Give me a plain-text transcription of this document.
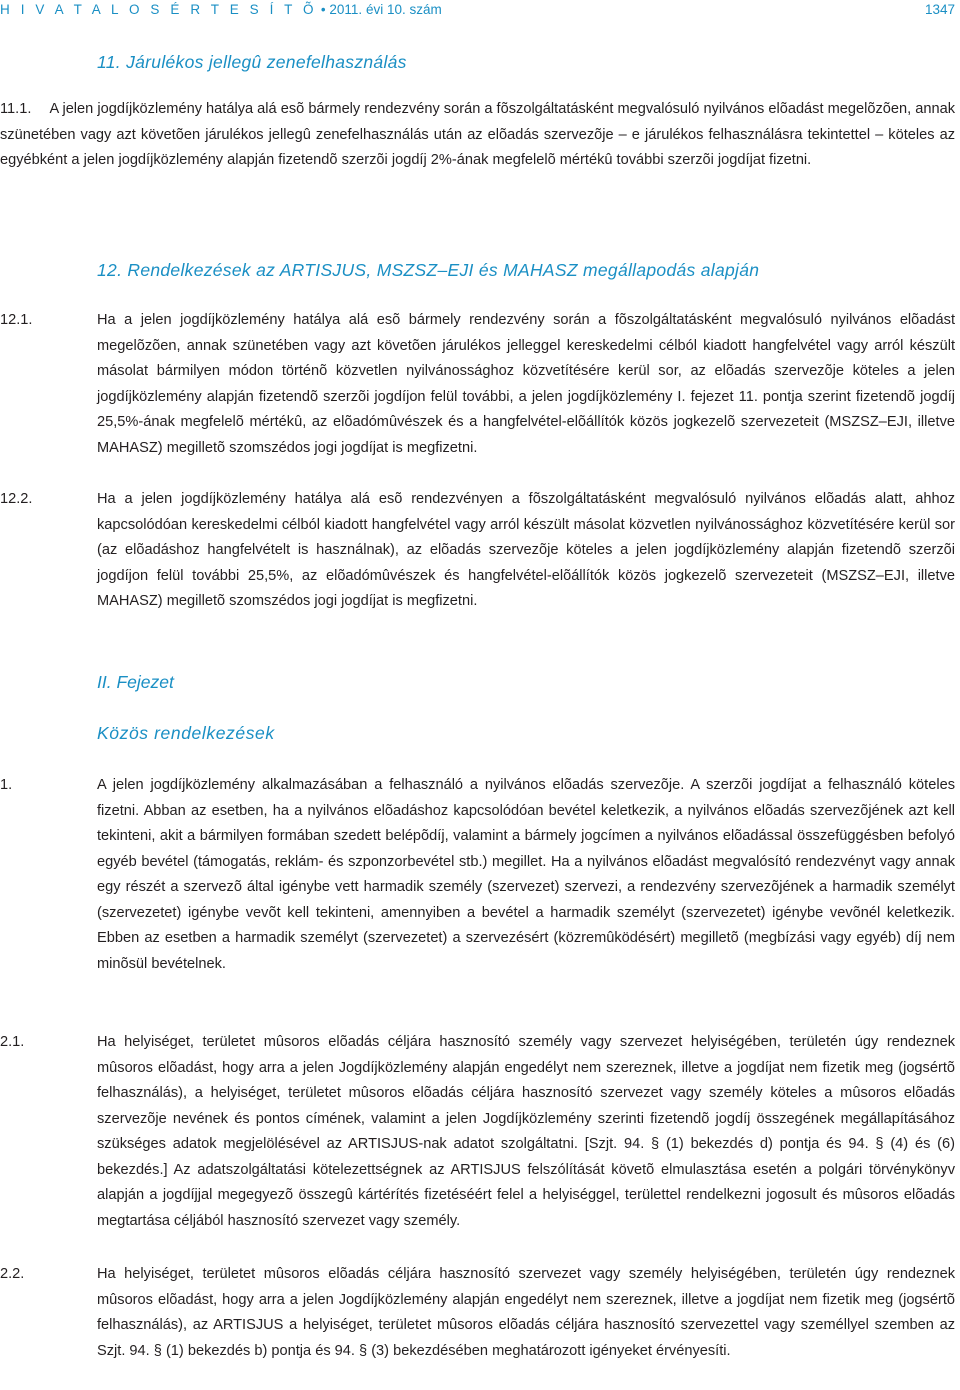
H I V A T A L O S É R T E S Í T Õ • 2011. évi 10. szám	1347
11. Járulékos jellegû zenefelhasználás
11.1. A jelen jogdíjközlemény hatálya alá esõ bármely rendezvény során a fõszolgáltatásként megvalósuló nyilvános elõadást megelõzõen, annak szünetében vagy azt követõen járulékos jellegû zenefelhasználás után az elõadás szervezõje – e járulékos felhasználásra tekintettel – köteles az egyébként a jelen jogdíjközlemény alapján fizetendõ szerzõi jogdíj 2%-ának megfelelõ mértékû további szerzõi jogdíjat fizetni.
12. Rendelkezések az ARTISJUS, MSZSZ–EJI és MAHASZ megállapodás alapján
12.1.	Ha a jelen jogdíjközlemény hatálya alá esõ bármely rendezvény során a fõszolgáltatásként megvalósuló nyilvános elõadást megelõzõen, annak szünetében vagy azt követõen járulékos jelleggel kereskedelmi célból kiadott hangfelvétel vagy arról készült másolat bármilyen módon történõ közvetlen nyilvánossághoz közvetítésére kerül sor, az elõadás szervezõje köteles a jelen jogdíjközlemény alapján fizetendõ szerzõi jogdíjon felül további, a jelen jogdíjközlemény I. fejezet 11. pontja szerint fizetendõ jogdíj 25,5%-ának megfelelõ mértékû, az elõadómûvészek és a hangfelvétel-elõállítók közös jogkezelõ szervezeteit (MSZSZ–EJI, illetve MAHASZ) megilletõ szomszédos jogi jogdíjat is megfizetni.
12.2.	Ha a jelen jogdíjközlemény hatálya alá esõ rendezvényen a fõszolgáltatásként megvalósuló nyilvános elõadás alatt, ahhoz kapcsolódóan kereskedelmi célból kiadott hangfelvétel vagy arról készült másolat közvetlen nyilvánossághoz közvetítésére kerül sor (az elõadáshoz hangfelvételt is használnak), az elõadás szervezõje köteles a jelen jogdíjközlemény alapján fizetendõ szerzõi jogdíjon felül további 25,5%, az elõadómûvészek és hangfelvétel-elõállítók közös jogkezelõ szervezeteit (MSZSZ–EJI, illetve MAHASZ) megilletõ szomszédos jogi jogdíjat is megfizetni.
II. Fejezet
Közös rendelkezések
1.	A jelen jogdíjközlemény alkalmazásában a felhasználó a nyilvános elõadás szervezõje. A szerzõi jogdíjat a felhasználó köteles fizetni. Abban az esetben, ha a nyilvános elõadáshoz kapcsolódóan bevétel keletkezik, a nyilvános elõadás szervezõjének azt kell tekinteni, akit a bármilyen formában szedett belépõdíj, valamint a bármely jogcímen a nyilvános elõadással összefüggésben befolyó egyéb bevétel (támogatás, reklám- és szponzorbevétel stb.) megillet. Ha a nyilvános elõadást megvalósító rendezvényt vagy annak egy részét a szervezõ által igénybe vett harmadik személy (szervezet) szervezi, a rendezvény szervezõjének a harmadik személyt (szervezetet) igénybe vevõt kell tekinteni, amennyiben a bevétel a harmadik személyt (szervezetet) igénybe vevõnél keletkezik. Ebben az esetben a harmadik személyt (szervezetet) a szervezésért (közremûködésért) megilletõ (megbízási vagy egyéb) díj nem minõsül bevételnek.
2.1.	Ha helyiséget, területet mûsoros elõadás céljára hasznosító személy vagy szervezet helyiségében, területén úgy rendeznek mûsoros elõadást, hogy arra a jelen Jogdíjközlemény alapján engedélyt nem szereznek, illetve a jogdíjat nem fizetik meg (jogsértõ felhasználás), a helyiséget, területet mûsoros elõadás céljára hasznosító szervezet vagy személy köteles a mûsoros elõadás szervezõje nevének és pontos címének, valamint a jelen Jogdíjközlemény szerinti fizetendõ jogdíj összegének megállapításához szükséges adatok megjelölésével az ARTISJUS-nak adatot szolgáltatni. [Szjt. 94. § (1) bekezdés d) pontja és 94. § (4) és (6) bekezdés.] Az adatszolgáltatási kötelezettségnek az ARTISJUS felszólítását követõ elmulasztása esetén a polgári törvénykönyv alapján a jogdíjjal megegyezõ összegû kártérítés fizetéséért felel a helyiséggel, területtel rendelkezni jogosult és mûsoros elõadás megtartása céljából hasznosító szervezet vagy személy.
2.2.	Ha helyiséget, területet mûsoros elõadás céljára hasznosító szervezet vagy személy helyiségében, területén úgy rendeznek mûsoros elõadást, hogy arra a jelen Jogdíjközlemény alapján engedélyt nem szereznek, illetve a jogdíjat nem fizetik meg (jogsértõ felhasználás), az ARTISJUS a helyiséget, területet mûsoros elõadás céljára hasznosító szervezettel vagy személlyel szemben az Szjt. 94. § (1) bekezdés b) pontja és 94. § (3) bekezdésében meghatározott igényeket érvényesíti.
